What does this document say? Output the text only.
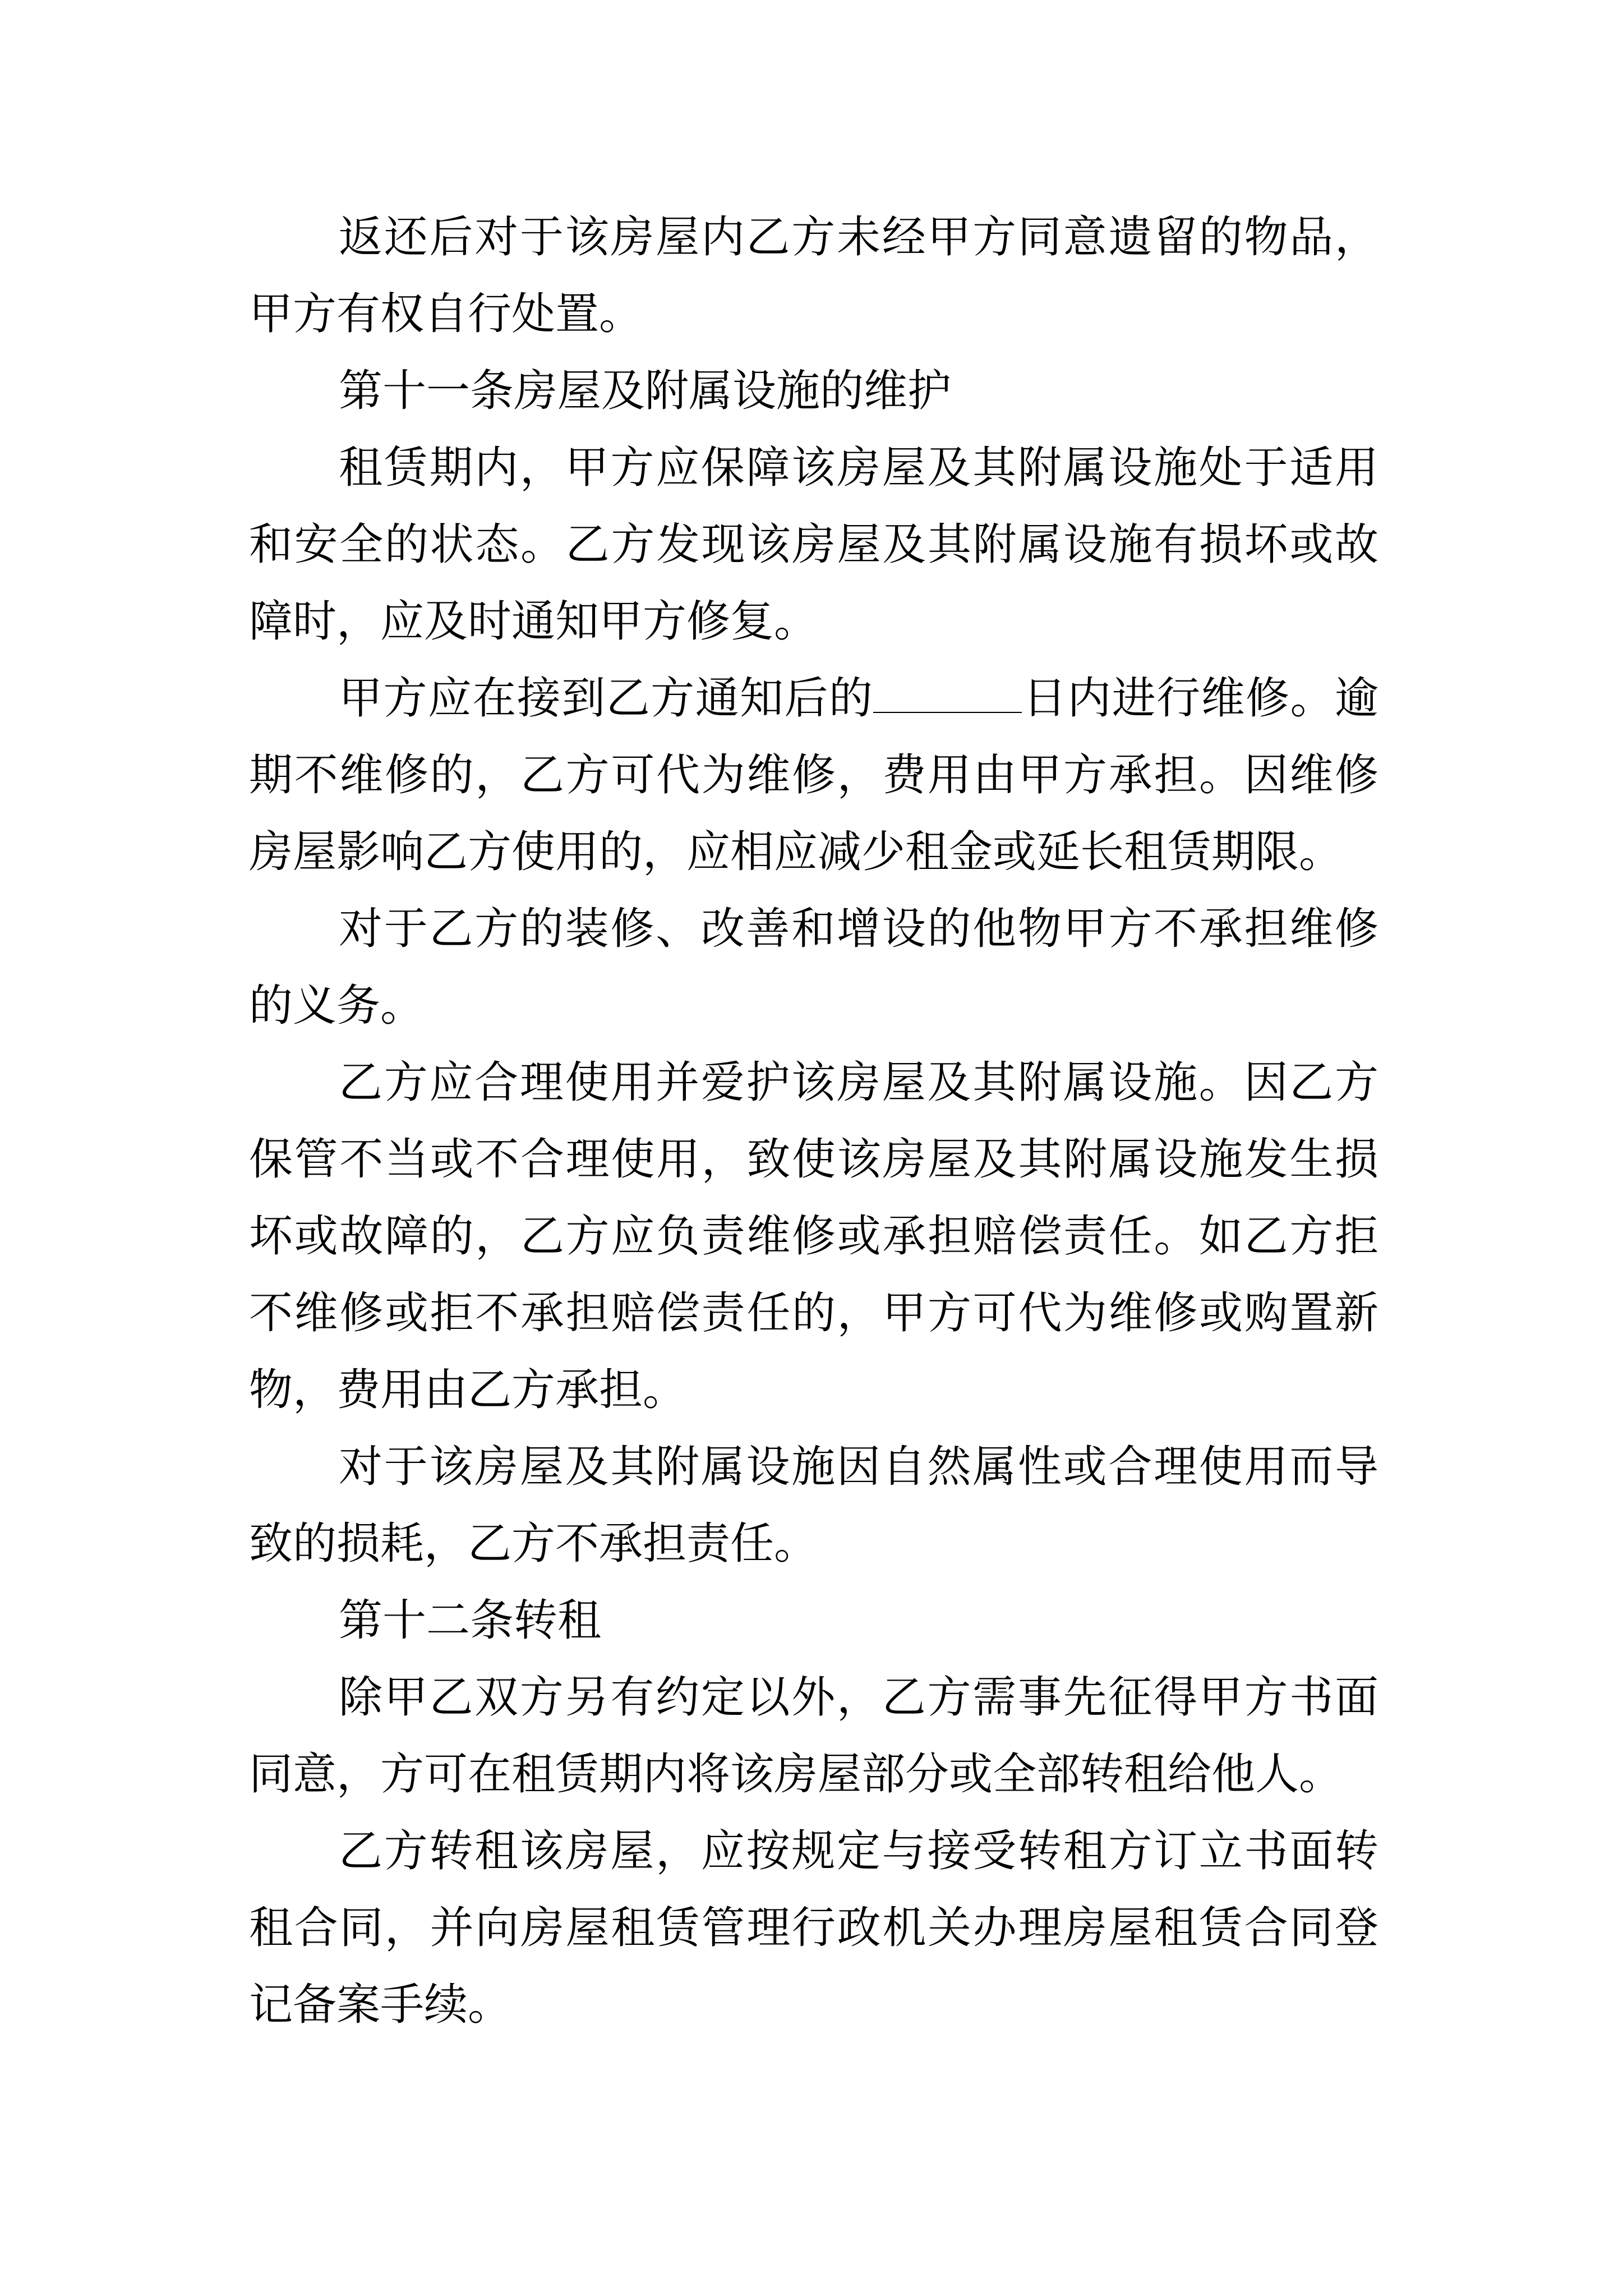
返还后对于该房屋内乙方未经甲方同意遗留的物品，甲方有权自行处置。

第十一条房屋及附属设施的维护

租赁期内，甲方应保障该房屋及其附属设施处于适用和安全的状态。乙方发现该房屋及其附属设施有损坏或故障时，应及时通知甲方修复。

甲方应在接到乙方通知后的	日内进行维修。逾期不维修的，乙方可代为维修，费用由甲方承担。因维修房屋影响乙方使用的，应相应减少租金或延长租赁期限。

对于乙方的装修、改善和增设的他物甲方不承担维修的义务。

乙方应合理使用并爱护该房屋及其附属设施。因乙方保管不当或不合理使用，致使该房屋及其附属设施发生损坏或故障的，乙方应负责维修或承担赔偿责任。如乙方拒不维修或拒不承担赔偿责任的，甲方可代为维修或购置新物，费用由乙方承担。

对于该房屋及其附属设施因自然属性或合理使用而导致的损耗，乙方不承担责任。

第十二条转租

除甲乙双方另有约定以外，乙方需事先征得甲方书面同意，方可在租赁期内将该房屋部分或全部转租给他人。

乙方转租该房屋，应按规定与接受转租方订立书面转租合同，并向房屋租赁管理行政机关办理房屋租赁合同登记备案手续。
